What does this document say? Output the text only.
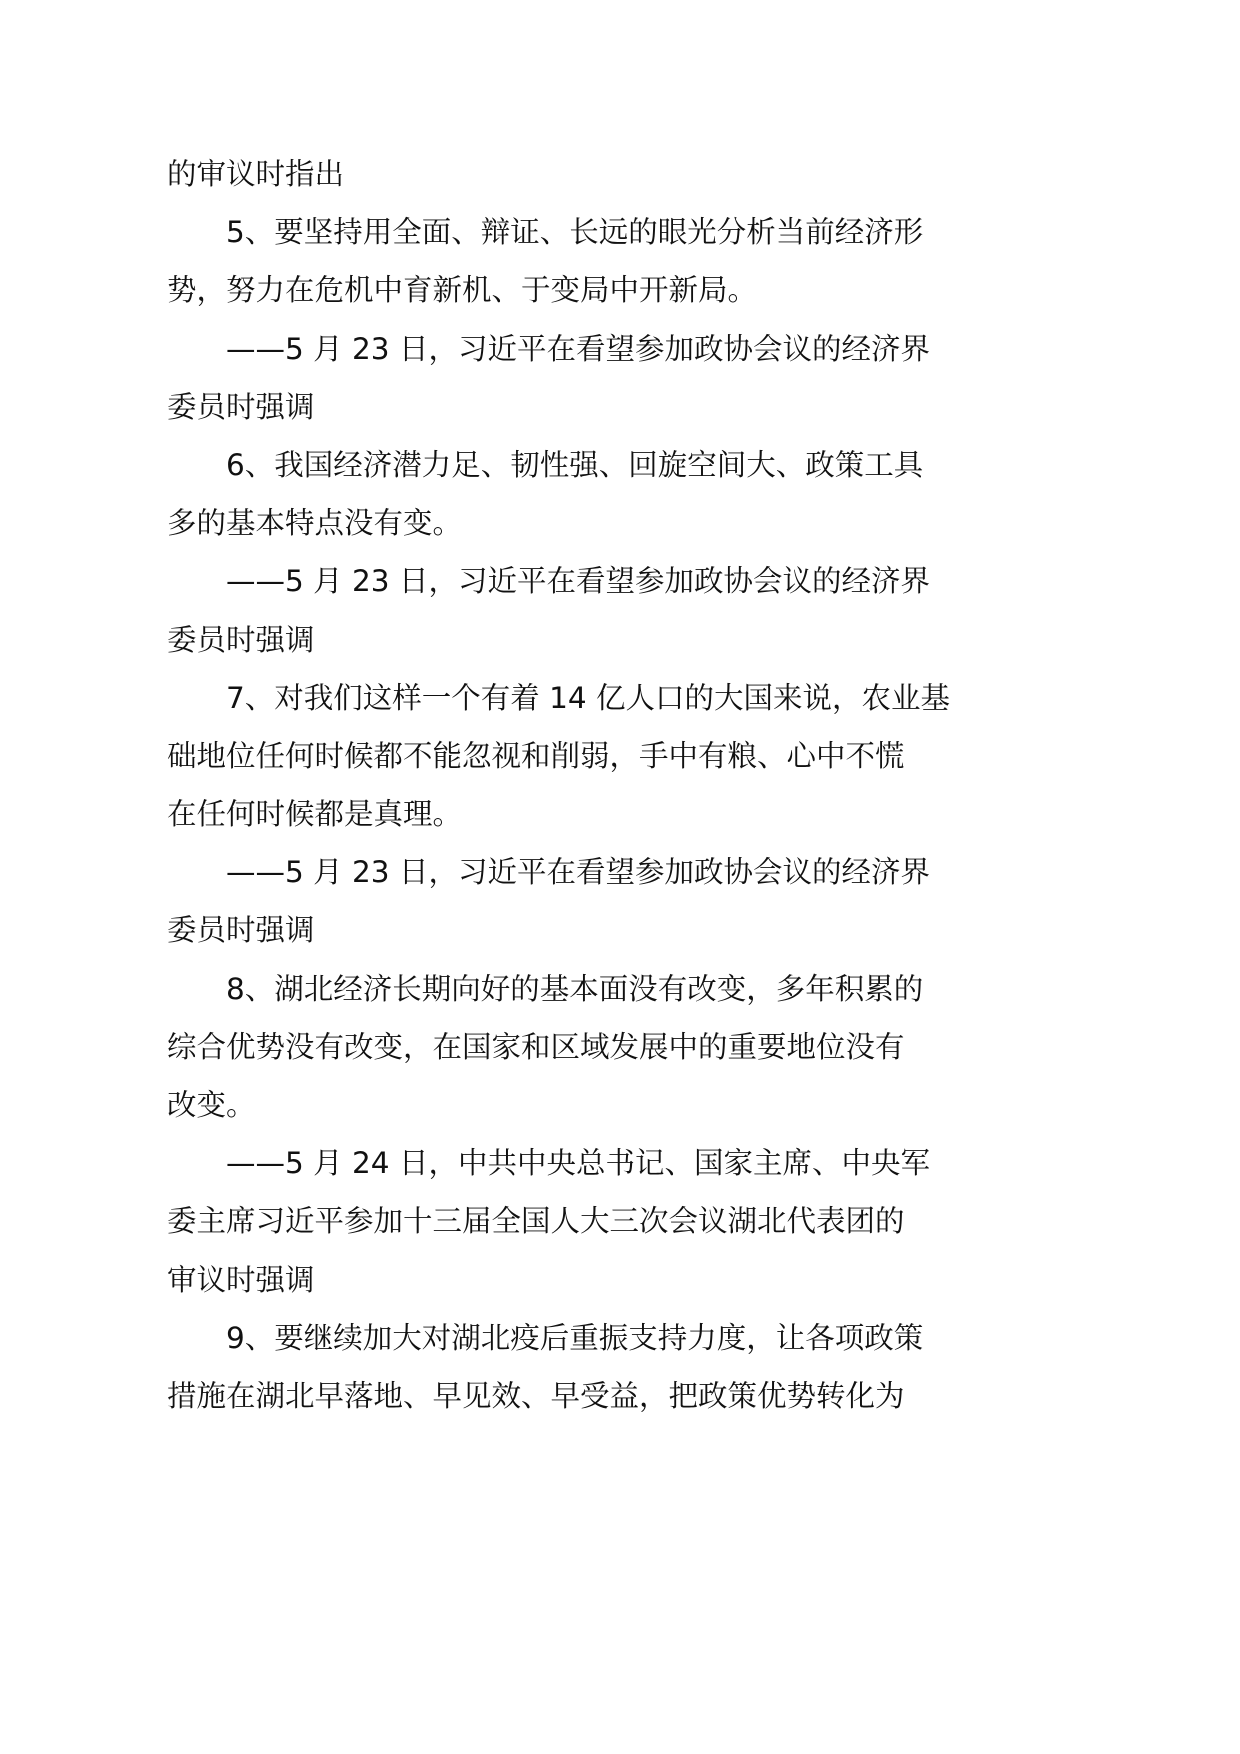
的审议时指出
5、要坚持用全面、辩证、长远的眼光分析当前经济形
势，努力在危机中育新机、于变局中开新局。
——5 月 23 日，习近平在看望参加政协会议的经济界
委员时强调
6、我国经济潜力足、韧性强、回旋空间大、政策工具
多的基本特点没有变。
——5 月 23 日，习近平在看望参加政协会议的经济界
委员时强调
7、对我们这样一个有着 14 亿人口的大国来说，农业基
础地位任何时候都不能忽视和削弱，手中有粮、心中不慌
在任何时候都是真理。
——5 月 23 日，习近平在看望参加政协会议的经济界
委员时强调
8、湖北经济长期向好的基本面没有改变，多年积累的
综合优势没有改变，在国家和区域发展中的重要地位没有
改变。
——5 月 24 日，中共中央总书记、国家主席、中央军
委主席习近平参加十三届全国人大三次会议湖北代表团的
审议时强调
9、要继续加大对湖北疫后重振支持力度，让各项政策
措施在湖北早落地、早见效、早受益，把政策优势转化为
